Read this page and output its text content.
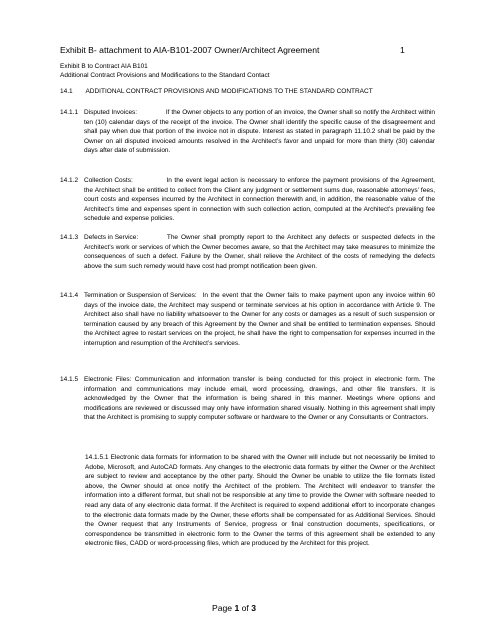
Exhibit B- attachment to AIA-B101-2007 Owner/Architect Agreement	1
Exhibit B to Contract AIA B101
Additional Contract Provisions and Modifications to the Standard Contact
14.1 ADDITIONAL CONTRACT PROVISIONS AND MODIFICATIONS TO THE STANDARD CONTRACT
14.1.1 Disputed Invoices:	If the Owner objects to any portion of an invoice, the Owner shall so notify the Architect within ten (10) calendar days of the receipt of the invoice. The Owner shall identify the specific cause of the disagreement and shall pay when due that portion of the invoice not in dispute. Interest as stated in paragraph 11.10.2 shall be paid by the Owner on all disputed invoiced amounts resolved in the Architect’s favor and unpaid for more than thirty (30) calendar days after date of submission.
14.1.2 Collection Costs:	In the event legal action is necessary to enforce the payment provisions of the Agreement, the Architect shall be entitled to collect from the Client any judgment or settlement sums due, reasonable attorneys’ fees, court costs and expenses incurred by the Architect in connection therewith and, in addition, the reasonable value of the Architect’s time and expenses spent in connection with such collection action, computed at the Architect’s prevailing fee schedule and expense policies.
14.1.3 Defects in Service:	The Owner shall promptly report to the Architect any defects or suspected defects in the Architect’s work or services of which the Owner becomes aware, so that the Architect may take measures to minimize the consequences of such a defect. Failure by the Owner, shall relieve the Architect of the costs of remedying the defects above the sum such remedy would have cost had prompt notification been given.
14.1.4 Termination or Suspension of Services: In the event that the Owner fails to make payment upon any invoice within 60 days of the invoice date, the Architect may suspend or terminate services at his option in accordance with Article 9. The Architect also shall have no liability whatsoever to the Owner for any costs or damages as a result of such suspension or termination caused by any breach of this Agreement by the Owner and shall be entitled to termination expenses. Should the Architect agree to restart services on the project, he shall have the right to compensation for expenses incurred in the interruption and resumption of the Architect’s services.
14.1.5 Electronic Files: Communication and information transfer is being conducted for this project in electronic form. The information and communications may include email, word processing, drawings, and other file transfers. It is acknowledged by the Owner that the information is being shared in this manner. Meetings where options and modifications are reviewed or discussed may only have information shared visually. Nothing in this agreement shall imply that the Architect is promising to supply computer software or hardware to the Owner or any Consultants or Contractors.
14.1.5.1 Electronic data formats for information to be shared with the Owner will include but not necessarily be limited to Adobe, Microsoft, and AutoCAD formats. Any changes to the electronic data formats by either the Owner or the Architect are subject to review and acceptance by the other party. Should the Owner be unable to utilize the file formats listed above, the Owner should at once notify the Architect of the problem. The Architect will endeavor to transfer the information into a different format, but shall not be responsible at any time to provide the Owner with software needed to read any data of any electronic data format. If the Architect is required to expend additional effort to incorporate changes to the electronic data formats made by the Owner, these efforts shall be compensated for as Additional Services. Should the Owner request that any Instruments of Service, progress or final construction documents, specifications, or correspondence be transmitted in electronic form to the Owner the terms of this agreement shall be extended to any electronic files, CADD or word-processing files, which are produced by the Architect for this project.
Page 1 of 3
